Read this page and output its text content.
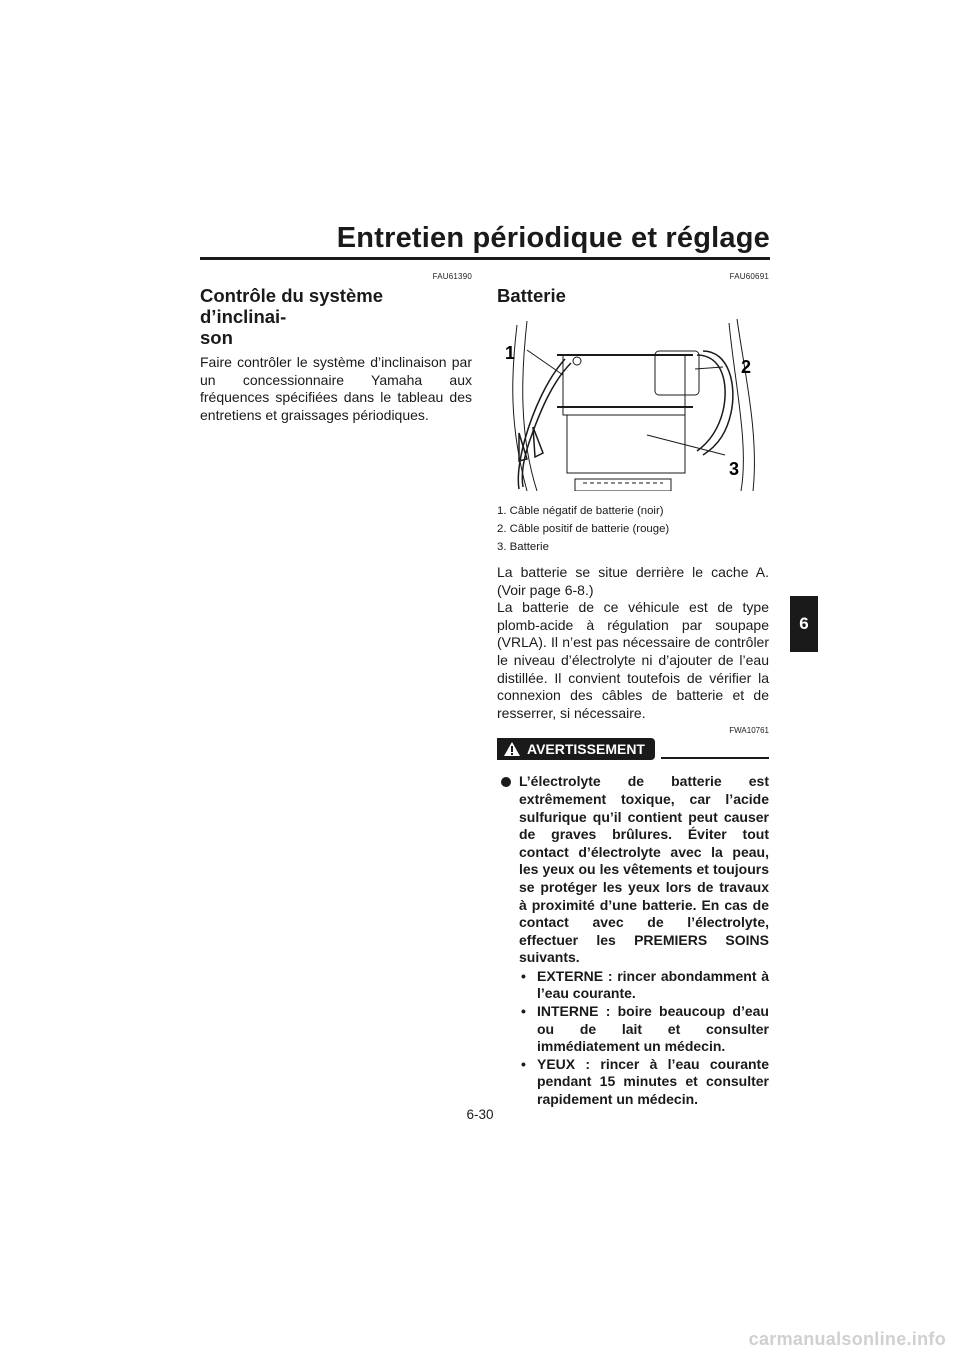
Entretien périodique et réglage
6
FAU61390
Contrôle du système d’inclinai-
son

Faire contrôler le système d’inclinaison par un concessionnaire Yamaha aux fréquences spécifiées dans le tableau des entretiens et graissages périodiques.

FAU60691
Batterie
1
2
3
1. Câble négatif de batterie (noir)
2. Câble positif de batterie (rouge)
3. Batterie

La batterie se situe derrière le cache A. (Voir page 6-8.)

La batterie de ce véhicule est de type plomb-acide à régulation par soupape (VRLA). Il n’est pas nécessaire de contrôler le niveau d’électrolyte ni d’ajouter de l’eau distillée. Il convient toutefois de vérifier la connexion des câbles de batterie et de resserrer, si nécessaire.

FWA10761
AVERTISSEMENT

L’électrolyte de batterie est extrêmement toxique, car l’acide sulfurique qu’il contient peut causer de graves brûlures. Éviter tout contact d’électrolyte avec la peau, les yeux ou les vêtements et toujours se protéger les yeux lors de travaux à proximité d’une batterie. En cas de contact avec de l’électrolyte, effectuer les PREMIERS SOINS suivants.

• EXTERNE : rincer abondamment à l’eau courante.
• INTERNE : boire beaucoup d’eau ou de lait et consulter immédiatement un médecin.
• YEUX : rincer à l’eau courante pendant 15 minutes et consulter rapidement un médecin.
6-30
carmanualsonline.info
